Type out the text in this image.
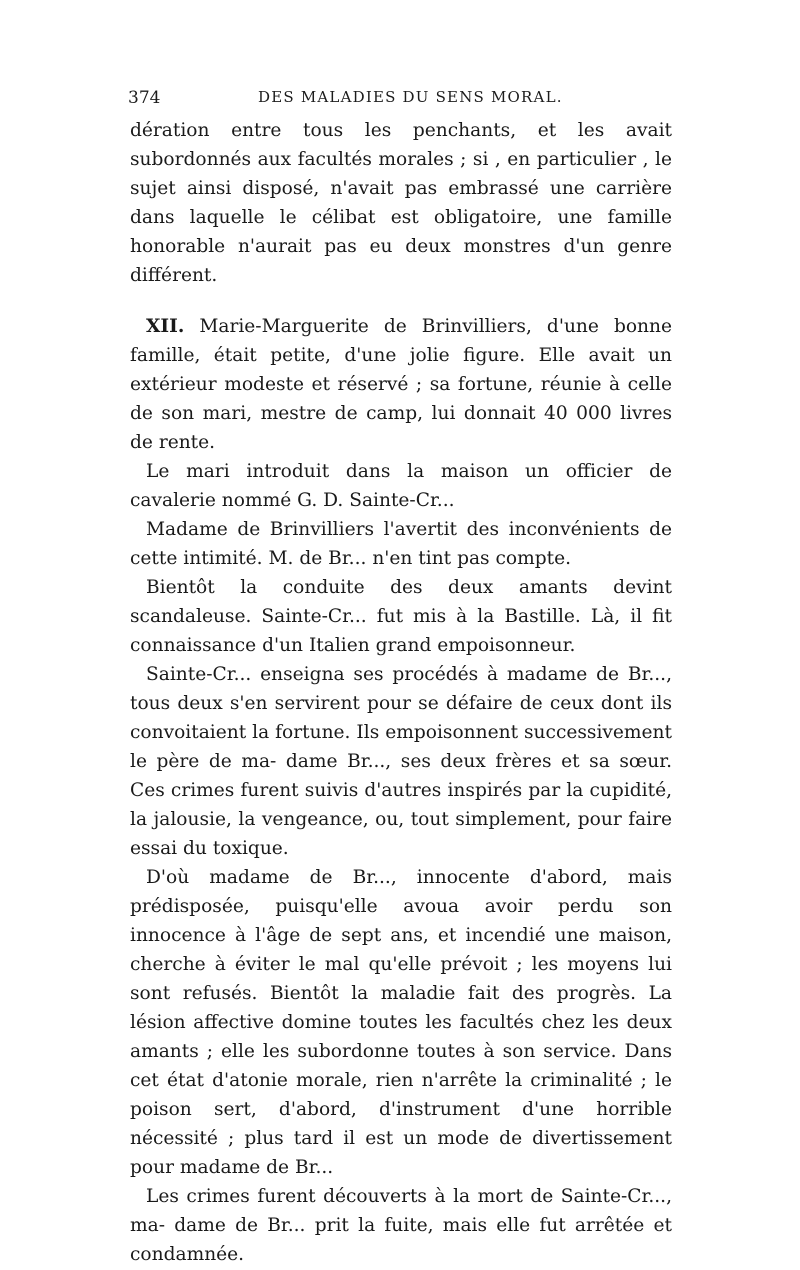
374	DES MALADIES DU SENS MORAL.

dération entre tous les penchants, et les avait subordonnés aux facultés morales ; si , en particulier , le sujet ainsi disposé, n'avait pas embrassé une carrière dans laquelle le célibat est obligatoire, une famille honorable n'aurait pas eu deux monstres d'un genre différent.

XII. Marie-Marguerite de Brinvilliers, d'une bonne famille, était petite, d'une jolie figure. Elle avait un extérieur modeste et réservé ; sa fortune, réunie à celle de son mari, mestre de camp, lui donnait 40 000 livres de rente.

Le mari introduit dans la maison un officier de cavalerie nommé G. D. Sainte-Cr...

Madame de Brinvilliers l'avertit des inconvénients de cette intimité. M. de Br... n'en tint pas compte.

Bientôt la conduite des deux amants devint scandaleuse. Sainte-Cr... fut mis à la Bastille. Là, il fit connaissance d'un Italien grand empoisonneur.

Sainte-Cr... enseigna ses procédés à madame de Br..., tous deux s'en servirent pour se défaire de ceux dont ils convoitaient la fortune. Ils empoisonnent successivement le père de ma- dame Br..., ses deux frères et sa sœur. Ces crimes furent suivis d'autres inspirés par la cupidité, la jalousie, la vengeance, ou, tout simplement, pour faire essai du toxique.

D'où madame de Br..., innocente d'abord, mais prédisposée, puisqu'elle avoua avoir perdu son innocence à l'âge de sept ans, et incendié une maison, cherche à éviter le mal qu'elle prévoit ; les moyens lui sont refusés. Bientôt la maladie fait des progrès. La lésion affective domine toutes les facultés chez les deux amants ; elle les subordonne toutes à son service. Dans cet état d'atonie morale, rien n'arrête la criminalité ; le poison sert, d'abord, d'instrument d'une horrible nécessité ; plus tard il est un mode de divertissement pour madame de Br...

Les crimes furent découverts à la mort de Sainte-Cr..., ma- dame de Br... prit la fuite, mais elle fut arrêtée et condamnée.
